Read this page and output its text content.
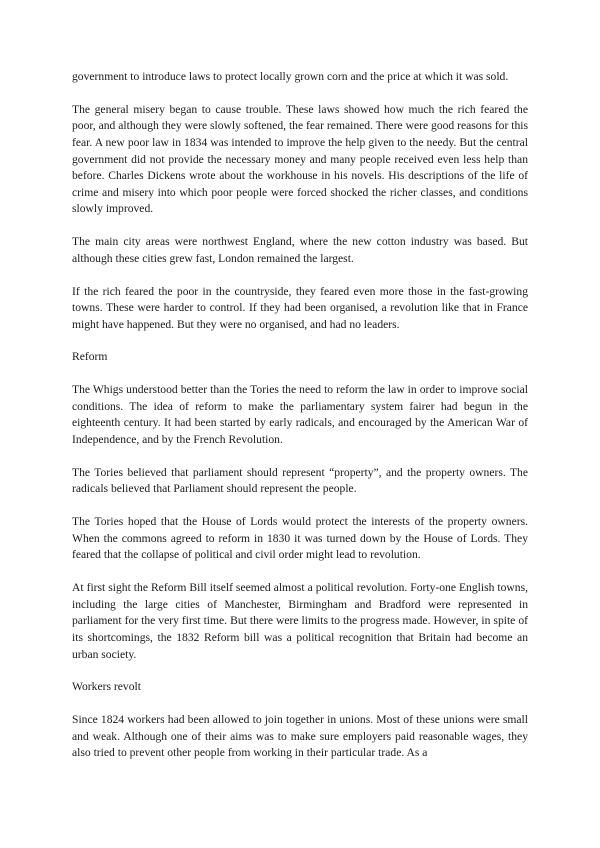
government to introduce laws to protect locally grown corn and the price at which it was sold.

The general misery began to cause trouble. These laws showed how much the rich feared the poor, and although they were slowly softened, the fear remained. There were good reasons for this fear. A new poor law in 1834 was intended to improve the help given to the needy. But the central government did not provide the necessary money and many people received even less help than before. Charles Dickens wrote about the workhouse in his novels. His descriptions of the life of crime and misery into which poor people were forced shocked the richer classes, and conditions slowly improved.

The main city areas were northwest England, where the new cotton industry was based. But although these cities grew fast, London remained the largest.

If the rich feared the poor in the countryside, they feared even more those in the fast-growing towns. These were harder to control. If they had been organised, a revolution like that in France might have happened. But they were no organised, and had no leaders.

Reform

The Whigs understood better than the Tories the need to reform the law in order to improve social conditions. The idea of reform to make the parliamentary system fairer had begun in the eighteenth century. It had been started by early radicals, and encouraged by the American War of Independence, and by the French Revolution.

The Tories believed that parliament should represent “property”, and the property owners. The radicals believed that Parliament should represent the people.

The Tories hoped that the House of Lords would protect the interests of the property owners. When the commons agreed to reform in 1830 it was turned down by the House of Lords. They feared that the collapse of political and civil order might lead to revolution.

At first sight the Reform Bill itself seemed almost a political revolution. Forty-one English towns, including the large cities of Manchester, Birmingham and Bradford were represented in parliament for the very first time. But there were limits to the progress made. However, in spite of its shortcomings, the 1832 Reform bill was a political recognition that Britain had become an urban society.

Workers revolt

Since 1824 workers had been allowed to join together in unions. Most of these unions were small and weak. Although one of their aims was to make sure employers paid reasonable wages, they also tried to prevent other people from working in their particular trade. As a
